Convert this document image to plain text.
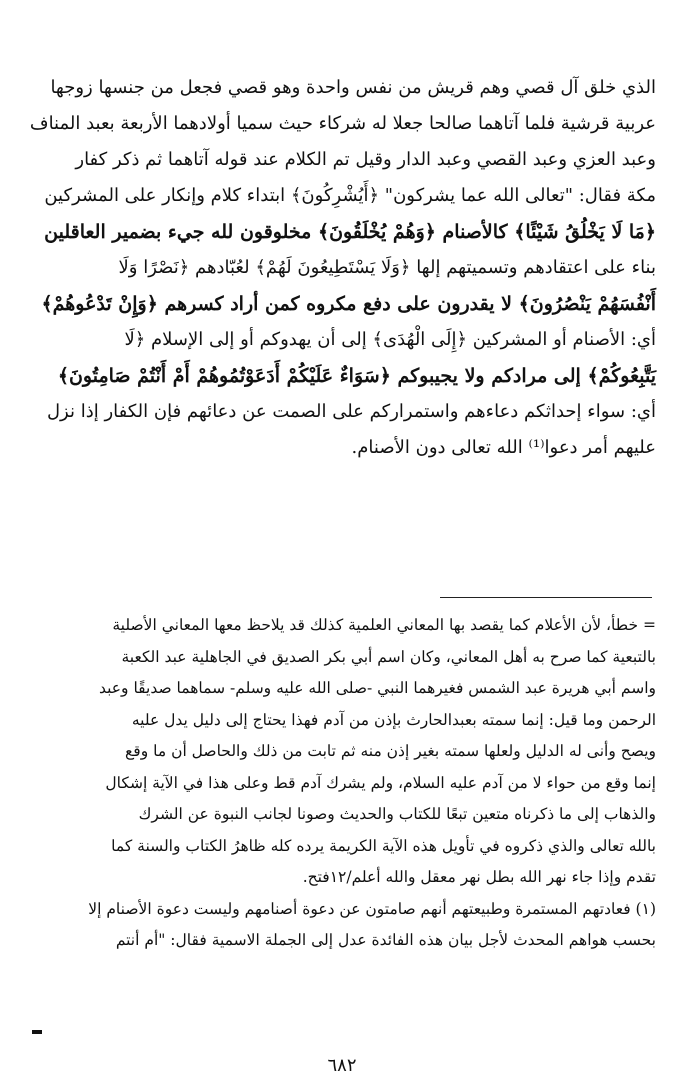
الذي خلق آل قصي وهم قريش من نفس واحدة وهو قصي فجعل من جنسها زوجها

عربية قرشية فلما آتاهما صالحا جعلا له شركاء حيث سميا أولادهما الأربعة بعبد المناف

وعبد العزي وعبد القصي وعبد الدار وقيل تم الكلام عند قوله آتاهما ثم ذكر كفار

مكة فقال: "تعالى الله عما يشركون" ﴿أَيُشْرِكُونَ﴾ ابتداء كلام وإنكار على المشركين

﴿مَا لَا يَخْلُقُ شَيْئًا﴾ كالأصنام ﴿وَهُمْ يُخْلَقُونَ﴾ مخلوقون لله جيء بضمير العاقلين

بناء على اعتقادهم وتسميتهم إلها ﴿وَلَا يَسْتَطِيعُونَ لَهُمْ﴾ لعُبّادهم ﴿نَصْرًا وَلَا

أَنْفُسَهُمْ يَنْصُرُونَ﴾ لا يقدرون على دفع مكروه كمن أراد كسرهم ﴿وَإِنْ تَدْعُوهُمْ﴾

أي: الأصنام أو المشركين ﴿إِلَى الْهُدَى﴾ إلى أن يهدوكم أو إلى الإسلام ﴿لَا

يَتَّبِعُوكُمْ﴾ إلى مرادكم ولا يجيبوكم ﴿سَوَاءٌ عَلَيْكُمْ أَدَعَوْتُمُوهُمْ أَمْ أَنْتُمْ صَامِتُونَ﴾

أي: سواء إحداثكم دعاءهم واستمراركم على الصمت عن دعائهم فإن الكفار إذا نزل

عليهم أمر دعوا⁽¹⁾ الله تعالى دون الأصنام.

= خطأ، لأن الأعلام كما يقصد بها المعاني العلمية كذلك قد يلاحظ معها المعاني الأصلية

بالتبعية كما صرح به أهل المعاني، وكان اسم أبي بكر الصديق في الجاهلية عبد الكعبة

واسم أبي هريرة عبد الشمس فغيرهما النبي -صلى الله عليه وسلم- سماهما صديقًا وعبد

الرحمن وما قيل: إنما سمته بعبدالحارث بإذن من آدم فهذا يحتاج إلى دليل يدل عليه

ويصح وأنى له الدليل ولعلها سمته بغير إذن منه ثم تابت من ذلك والحاصل أن ما وقع

إنما وقع من حواء لا من آدم عليه السلام، ولم يشرك آدم قط وعلى هذا في الآية إشكال

والذهاب إلى ما ذكرناه متعين تبعًا للكتاب والحديث وصونا لجانب النبوة عن الشرك

بالله تعالى والذي ذكروه في تأويل هذه الآية الكريمة يرده كله ظاهرُ الكتاب والسنة كما

تقدم وإذا جاء نهر الله بطل نهر معقل والله أعلم/١٢فتح.

(١) فعادتهم المستمرة وطبيعتهم أنهم صامتون عن دعوة أصنامهم وليست دعوة الأصنام إلا

بحسب هواهم المحدث لأجل بيان هذه الفائدة عدل إلى الجملة الاسمية فقال: "أم أنتم

٦٨٢
